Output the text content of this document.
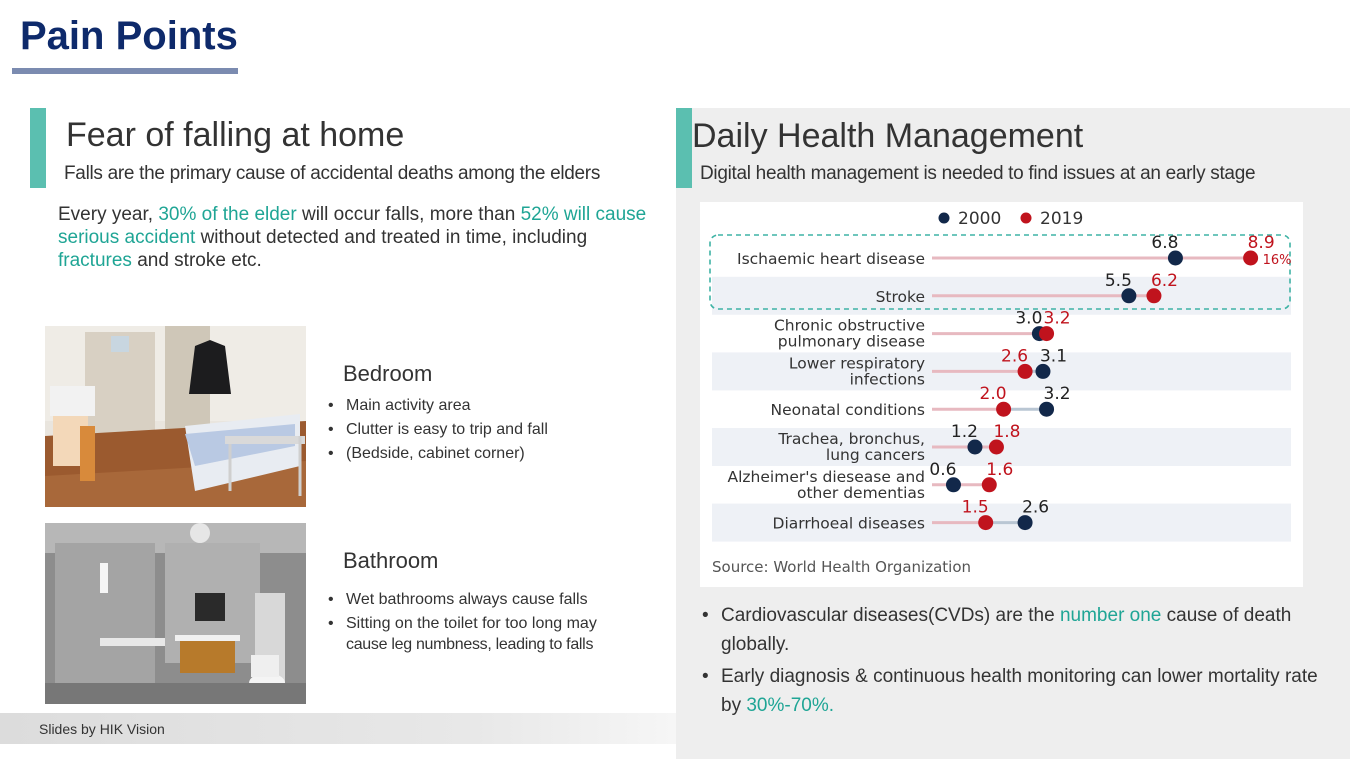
Pain Points
Fear of falling at home
Falls are the primary cause of accidental deaths among the elders
Every year, 30% of the elder will occur falls, more than 52% will cause serious accident without detected and treated in time, including fractures and stroke etc.
Bedroom
• Main activity area
• Clutter is easy to trip and fall
• (Bedside, cabinet corner)
Bathroom
• Wet bathrooms always cause falls
• Sitting on the toilet for too long may
cause leg numbness, leading to falls
Slides by HIK Vision
Daily Health Management
Digital health management is needed to find issues at an early stage
2000 2019
Ischaemic heart disease
6.8	8.9
16%
Stroke
5.5 6.2
Chronic obstructive
pulmonary disease
3.0 3.2
Lower respiratory
infections
3.1
2.6
Neonatal conditions
3.2
2.0
Trachea, bronchus,
lung cancers
1.2 1.8
Alzheimer's diesease and
other dementias
0.6 1.6
Diarrhoeal diseases
2.6
1.5
Source: World Health Organization
• Cardiovascular diseases(CVDs) are the number one cause of death
globally.
• Early diagnosis & continuous health monitoring can lower mortality rate
by 30%-70%.
